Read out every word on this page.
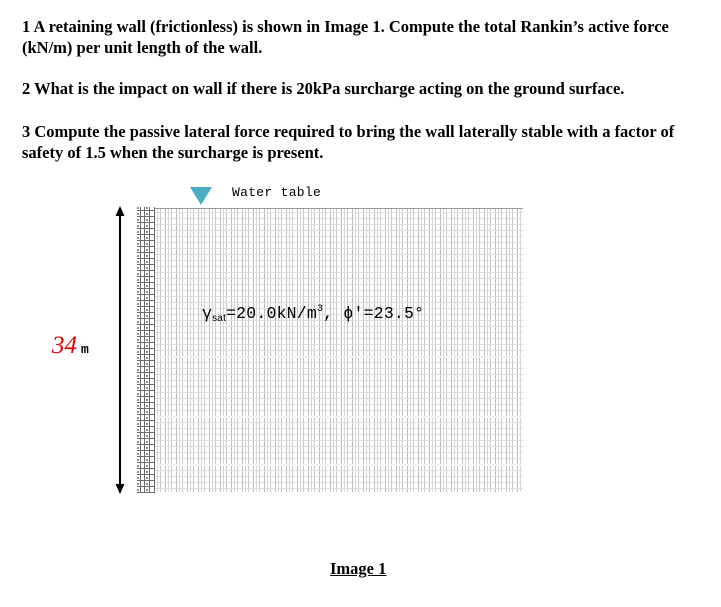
1 A retaining wall (frictionless) is shown in Image 1. Compute the total Rankin’s active force (kN/m) per unit length of the wall.

2 What is the impact on wall if there is 20kPa surcharge acting on the ground surface.

3 Compute the passive lateral force required to bring the wall laterally stable with a factor of safety of 1.5 when the surcharge is present.

Water table
$\gamma_{sat}=20.0kN/m^3$, ϕ′=23.5°
34 m
Image 1
